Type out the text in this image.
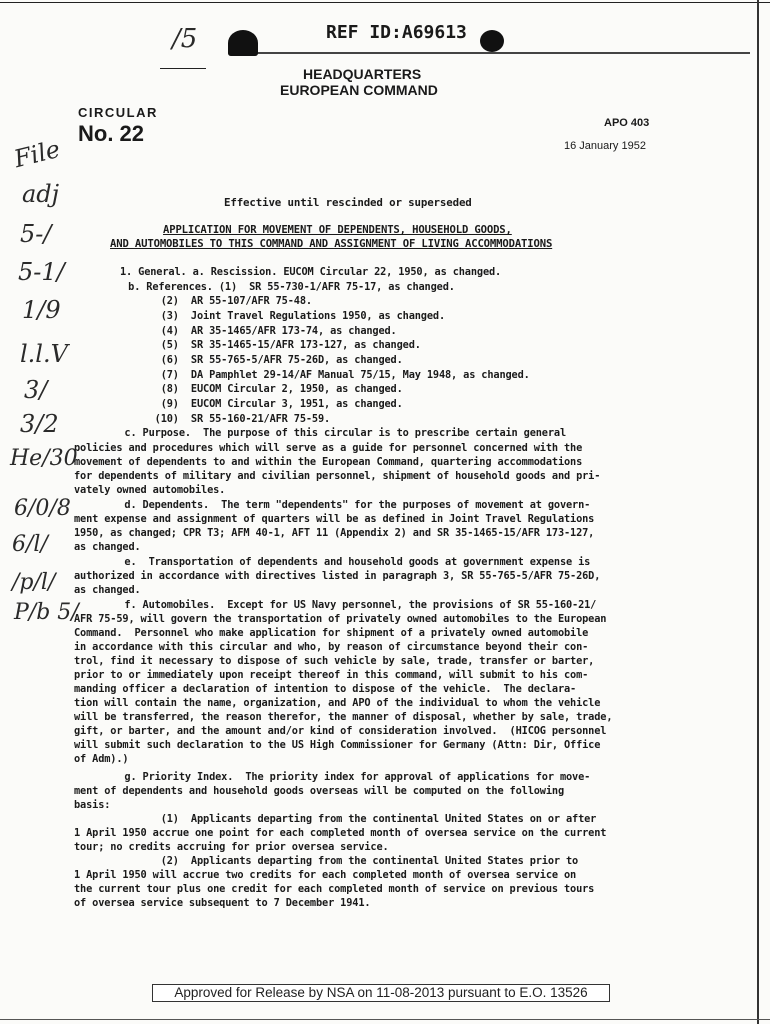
REF ID:A69613
HEADQUARTERS
EUROPEAN COMMAND
CIRCULAR
No. 22	APO 403
16 January 1952
Effective until rescinded or superseded
APPLICATION FOR MOVEMENT OF DEPENDENTS, HOUSEHOLD GOODS,
AND AUTOMOBILES TO THIS COMMAND AND ASSIGNMENT OF LIVING ACCOMMODATIONS
1. General. a. Rescission. EUCOM Circular 22, 1950, as changed.
b. References. (1)  SR 55-730-1/AFR 75-17, as changed.
(2)  AR 55-107/AFR 75-48.
(3)  Joint Travel Regulations 1950, as changed.
(4)  AR 35-1465/AFR 173-74, as changed.
(5)  SR 35-1465-15/AFR 173-127, as changed.
(6)  SR 55-765-5/AFR 75-26D, as changed.
(7)  DA Pamphlet 29-14/AF Manual 75/15, May 1948, as changed.
(8)  EUCOM Circular 2, 1950, as changed.
(9)  EUCOM Circular 3, 1951, as changed.
(10)  SR 55-160-21/AFR 75-59.
c. Purpose.  The purpose of this circular is to prescribe certain general
policies and procedures which will serve as a guide for personnel concerned with the
movement of dependents to and within the European Command, quartering accommodations
for dependents of military and civilian personnel, shipment of household goods and pri-
vately owned automobiles.
d. Dependents.  The term "dependents" for the purposes of movement at govern-
ment expense and assignment of quarters will be as defined in Joint Travel Regulations
1950, as changed; CPR T3; AFM 40-1, AFT 11 (Appendix 2) and SR 35-1465-15/AFR 173-127,
as changed.
e.  Transportation of dependents and household goods at government expense is
authorized in accordance with directives listed in paragraph 3, SR 55-765-5/AFR 75-26D,
as changed.
f. Automobiles.  Except for US Navy personnel, the provisions of SR 55-160-21/
AFR 75-59, will govern the transportation of privately owned automobiles to the European
Command.  Personnel who make application for shipment of a privately owned automobile
in accordance with this circular and who, by reason of circumstance beyond their con-
trol, find it necessary to dispose of such vehicle by sale, trade, transfer or barter,
prior to or immediately upon receipt thereof in this command, will submit to his com-
manding officer a declaration of intention to dispose of the vehicle.  The declara-
tion will contain the name, organization, and APO of the individual to whom the vehicle
will be transferred, the reason therefor, the manner of disposal, whether by sale, trade,
gift, or barter, and the amount and/or kind of consideration involved.  (HICOG personnel
will submit such declaration to the US High Commissioner for Germany (Attn: Dir, Office
of Adm).)
g. Priority Index.  The priority index for approval of applications for move-
ment of dependents and household goods overseas will be computed on the following
basis:
(1)  Applicants departing from the continental United States on or after
1 April 1950 accrue one point for each completed month of oversea service on the current
tour; no credits accruing for prior oversea service.
(2)  Applicants departing from the continental United States prior to
1 April 1950 will accrue two credits for each completed month of oversea service on
the current tour plus one credit for each completed month of service on previous tours
of oversea service subsequent to 7 December 1941.
/5
File
adj
5-/
5-1/
1/9
l.l.V
3/
3/2
He/30
6/0/8
6/l/
/p/l/
P/b 5/
Approved for Release by NSA on 11-08-2013 pursuant to E.O. 13526
